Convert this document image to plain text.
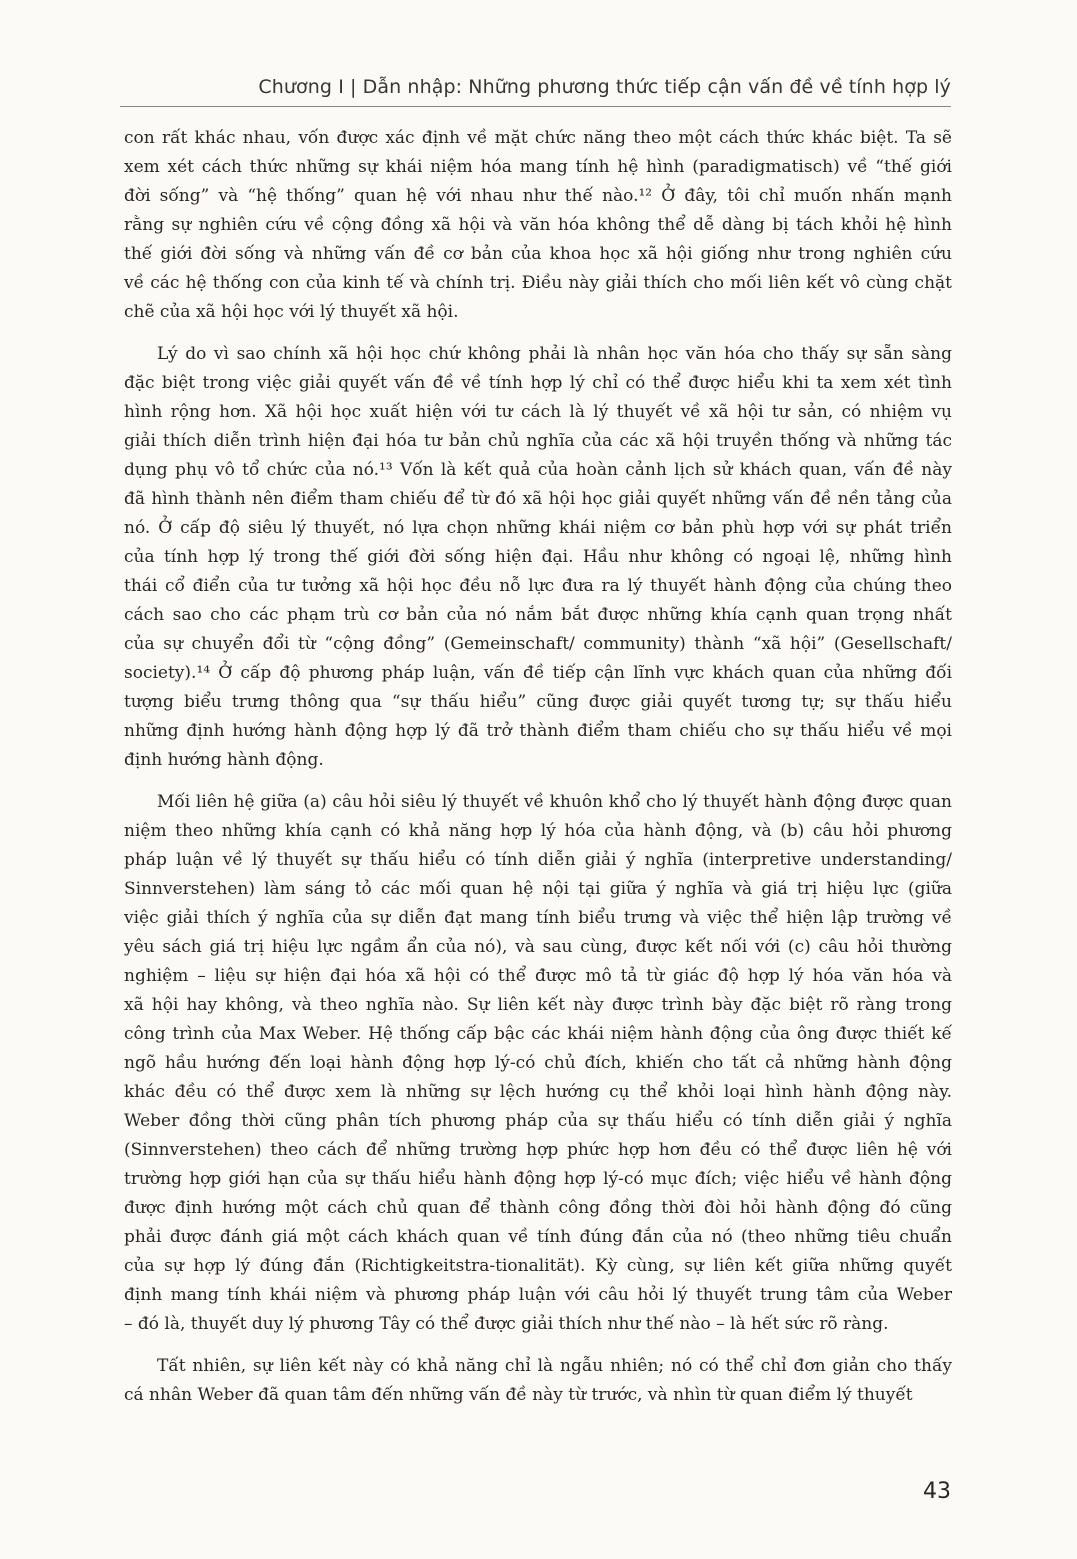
Chương I | Dẫn nhập: Những phương thức tiếp cận vấn đề về tính hợp lý
con rất khác nhau, vốn được xác định về mặt chức năng theo một cách thức khác biệt. Ta sẽ
xem xét cách thức những sự khái niệm hóa mang tính hệ hình (paradigmatisch) về “thế giới
đời sống” và “hệ thống” quan hệ với nhau như thế nào.¹² Ở đây, tôi chỉ muốn nhấn mạnh
rằng sự nghiên cứu về cộng đồng xã hội và văn hóa không thể dễ dàng bị tách khỏi hệ hình
thế giới đời sống và những vấn đề cơ bản của khoa học xã hội giống như trong nghiên cứu
về các hệ thống con của kinh tế và chính trị. Điều này giải thích cho mối liên kết vô cùng chặt
chẽ của xã hội học với lý thuyết xã hội.
Lý do vì sao chính xã hội học chứ không phải là nhân học văn hóa cho thấy sự sẵn sàng
đặc biệt trong việc giải quyết vấn đề về tính hợp lý chỉ có thể được hiểu khi ta xem xét tình
hình rộng hơn. Xã hội học xuất hiện với tư cách là lý thuyết về xã hội tư sản, có nhiệm vụ
giải thích diễn trình hiện đại hóa tư bản chủ nghĩa của các xã hội truyền thống và những tác
dụng phụ vô tổ chức của nó.¹³ Vốn là kết quả của hoàn cảnh lịch sử khách quan, vấn đề này
đã hình thành nên điểm tham chiếu để từ đó xã hội học giải quyết những vấn đề nền tảng của
nó. Ở cấp độ siêu lý thuyết, nó lựa chọn những khái niệm cơ bản phù hợp với sự phát triển
của tính hợp lý trong thế giới đời sống hiện đại. Hầu như không có ngoại lệ, những hình
thái cổ điển của tư tưởng xã hội học đều nỗ lực đưa ra lý thuyết hành động của chúng theo
cách sao cho các phạm trù cơ bản của nó nắm bắt được những khía cạnh quan trọng nhất
của sự chuyển đổi từ “cộng đồng” (Gemeinschaft/ community) thành “xã hội” (Gesellschaft/
society).¹⁴ Ở cấp độ phương pháp luận, vấn đề tiếp cận lĩnh vực khách quan của những đối
tượng biểu trưng thông qua “sự thấu hiểu” cũng được giải quyết tương tự; sự thấu hiểu
những định hướng hành động hợp lý đã trở thành điểm tham chiếu cho sự thấu hiểu về mọi
định hướng hành động.
Mối liên hệ giữa (a) câu hỏi siêu lý thuyết về khuôn khổ cho lý thuyết hành động được quan
niệm theo những khía cạnh có khả năng hợp lý hóa của hành động, và (b) câu hỏi phương
pháp luận về lý thuyết sự thấu hiểu có tính diễn giải ý nghĩa (interpretive understanding/
Sinnverstehen) làm sáng tỏ các mối quan hệ nội tại giữa ý nghĩa và giá trị hiệu lực (giữa
việc giải thích ý nghĩa của sự diễn đạt mang tính biểu trưng và việc thể hiện lập trường về
yêu sách giá trị hiệu lực ngầm ẩn của nó), và sau cùng, được kết nối với (c) câu hỏi thường
nghiệm – liệu sự hiện đại hóa xã hội có thể được mô tả từ giác độ hợp lý hóa văn hóa và
xã hội hay không, và theo nghĩa nào. Sự liên kết này được trình bày đặc biệt rõ ràng trong
công trình của Max Weber. Hệ thống cấp bậc các khái niệm hành động của ông được thiết kế
ngõ hầu hướng đến loại hành động hợp lý-có chủ đích, khiến cho tất cả những hành động
khác đều có thể được xem là những sự lệch hướng cụ thể khỏi loại hình hành động này.
Weber đồng thời cũng phân tích phương pháp của sự thấu hiểu có tính diễn giải ý nghĩa
(Sinnverstehen) theo cách để những trường hợp phức hợp hơn đều có thể được liên hệ với
trường hợp giới hạn của sự thấu hiểu hành động hợp lý-có mục đích; việc hiểu về hành động
được định hướng một cách chủ quan để thành công đồng thời đòi hỏi hành động đó cũng
phải được đánh giá một cách khách quan về tính đúng đắn của nó (theo những tiêu chuẩn
của sự hợp lý đúng đắn (Richtigkeitstra-tionalität). Kỳ cùng, sự liên kết giữa những quyết
định mang tính khái niệm và phương pháp luận với câu hỏi lý thuyết trung tâm của Weber
– đó là, thuyết duy lý phương Tây có thể được giải thích như thế nào – là hết sức rõ ràng.
Tất nhiên, sự liên kết này có khả năng chỉ là ngẫu nhiên; nó có thể chỉ đơn giản cho thấy
cá nhân Weber đã quan tâm đến những vấn đề này từ trước, và nhìn từ quan điểm lý thuyết
43
